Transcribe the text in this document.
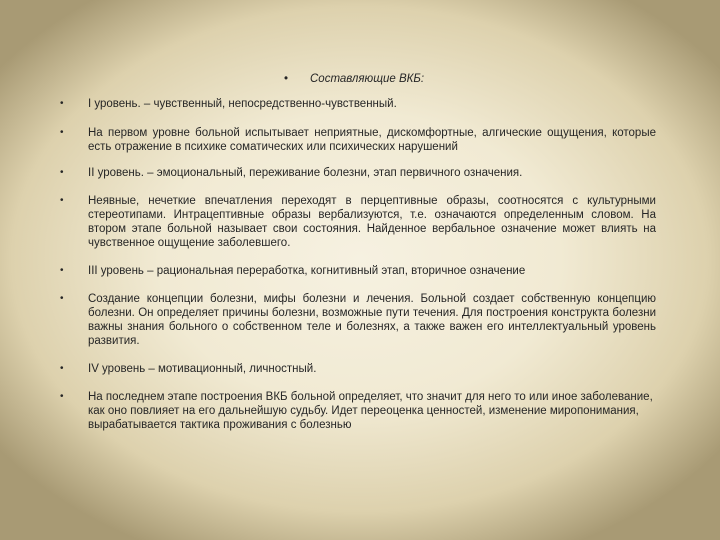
• Составляющие ВКБ:
• I уровень. – чувственный, непосредственно-чувственный.
• На первом уровне больной испытывает неприятные, дискомфортные, алгические ощущения, которые есть отражение в психике соматических или психических нарушений
• II уровень. – эмоциональный, переживание болезни, этап первичного означения.
• Неявные, нечеткие впечатления переходят в перцептивные образы, соотносятся с культурными стереотипами. Интрацептивные образы вербализуются, т.е. означаются определенным словом. На втором этапе больной называет свои состояния. Найденное вербальное означение может влиять на чувственное ощущение заболевшего.
• III уровень – рациональная переработка, когнитивный этап, вторичное означение
• Создание концепции болезни, мифы болезни и лечения. Больной создает собственную концепцию болезни. Он определяет причины болезни, возможные пути течения. Для построения конструкта болезни важны знания больного о собственном теле и болезнях, а также важен его интеллектуальный уровень развития.
• IV уровень – мотивационный, личностный.
• На последнем этапе построения ВКБ больной определяет, что значит для него то или иное заболевание, как оно повлияет на его дальнейшую судьбу. Идет переоценка ценностей, изменение миропонимания, вырабатывается тактика проживания с болезнью
